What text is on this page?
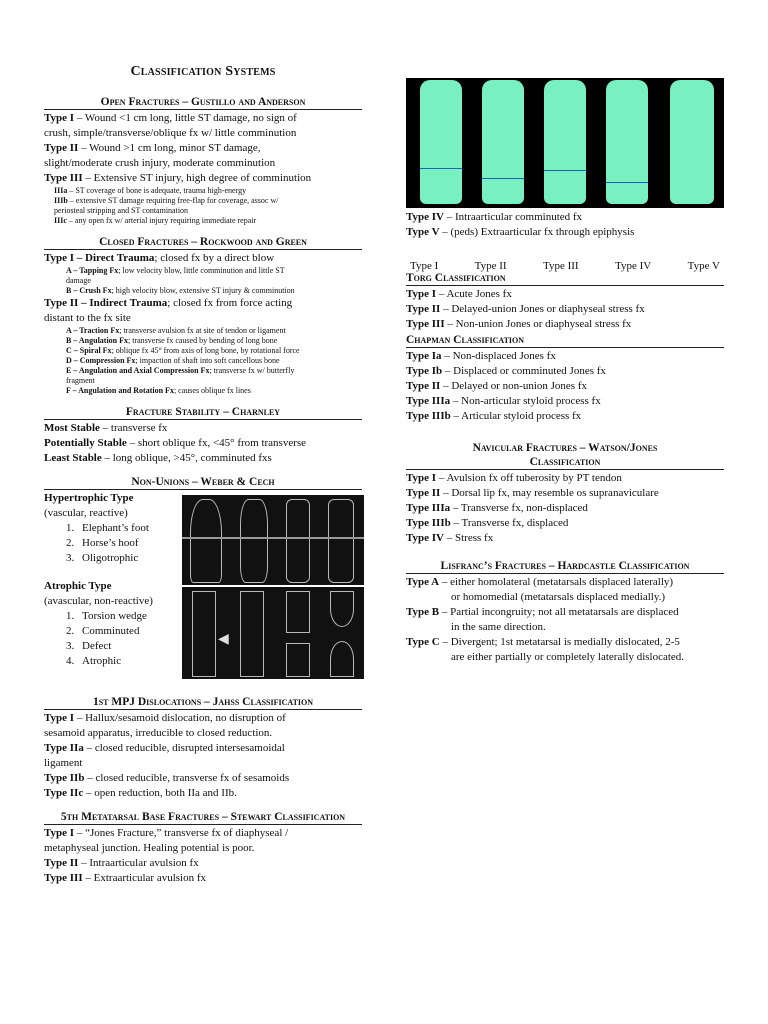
Classification Systems
Open Fractures – Gustillo and Anderson
Type I – Wound <1 cm long, little ST damage, no sign of
crush, simple/transverse/oblique fx w/ little comminution
Type II – Wound >1 cm long, minor ST damage,
slight/moderate crush injury, moderate comminution
Type III – Extensive ST injury, high degree of comminution
IIIa – ST coverage of bone is adequate, trauma high-energy
IIIb – extensive ST damage requiring free-flap for coverage, assoc w/
periosteal stripping and ST contamination
IIIc – any open fx w/ arterial injury requiring immediate repair
Closed Fractures – Rockwood and Green
Type I – Direct Trauma; closed fx by a direct blow
A – Tapping Fx; low velocity blow, little comminution and little ST
damage
B – Crush Fx; high velocity blow, extensive ST injury & comminution
Type II – Indirect Trauma; closed fx from force acting
distant to the fx site
A – Traction Fx; transverse avulsion fx at site of tendon or ligament
B – Angulation Fx; transverse fx caused by bending of long bone
C – Spiral Fx; oblique fx 45° from axis of long bone, by rotational force
D – Compression Fx; impaction of shaft into soft cancellous bone
E – Angulation and Axial Compression Fx; transverse fx w/ butterfly
fragment
F – Angulation and Rotation Fx; causes oblique fx lines
Fracture Stability – Charnley
Most Stable – transverse fx
Potentially Stable – short oblique fx, <45° from transverse
Least Stable – long oblique, >45°, comminuted fxs
Non-Unions – Weber & Cech
Hypertrophic Type
(vascular, reactive)
1. Elephant’s foot
2. Horse’s hoof
3. Oligotrophic
Atrophic Type
(avascular, non-reactive)
1. Torsion wedge
2. Comminuted
3. Defect
4. Atrophic
◀
1st MPJ Dislocations – Jahss Classification
Type I – Hallux/sesamoid dislocation, no disruption of
sesamoid apparatus, irreducible to closed reduction.
Type IIa – closed reducible, disrupted intersesamoidal
ligament
Type IIb – closed reducible, transverse fx of sesamoids
Type IIc – open reduction, both IIa and IIb.
5th Metatarsal Base Fractures – Stewart Classification
Type I – “Jones Fracture,” transverse fx of diaphyseal /
metaphyseal junction. Healing potential is poor.
Type II – Intraarticular avulsion fx
Type III – Extraarticular avulsion fx
Type IV – Intraarticular comminuted fx
Type V – (peds) Extraarticular fx through epiphysis
Type I	Type II	Type III	Type IV	Type V
Torg Classification
Type I – Acute Jones fx
Type II – Delayed-union Jones or diaphyseal stress fx
Type III – Non-union Jones or diaphyseal stress fx
Chapman Classification
Type Ia – Non-displaced Jones fx
Type Ib – Displaced or comminuted Jones fx
Type II – Delayed or non-union Jones fx
Type IIIa – Non-articular styloid process fx
Type IIIb – Articular styloid process fx
Navicular Fractures – Watson/Jones
Classification
Type I – Avulsion fx off tuberosity by PT tendon
Type II – Dorsal lip fx, may resemble os supranaviculare
Type IIIa – Transverse fx, non-displaced
Type IIIb – Transverse fx, displaced
Type IV – Stress fx
Lisfranc’s Fractures – Hardcastle Classification
Type A – either homolateral (metatarsals displaced laterally)
or homomedial (metatarsals displaced medially.)
Type B – Partial incongruity; not all metatarsals are displaced
in the same direction.
Type C – Divergent; 1st metatarsal is medially dislocated, 2-5
are either partially or completely laterally dislocated.
